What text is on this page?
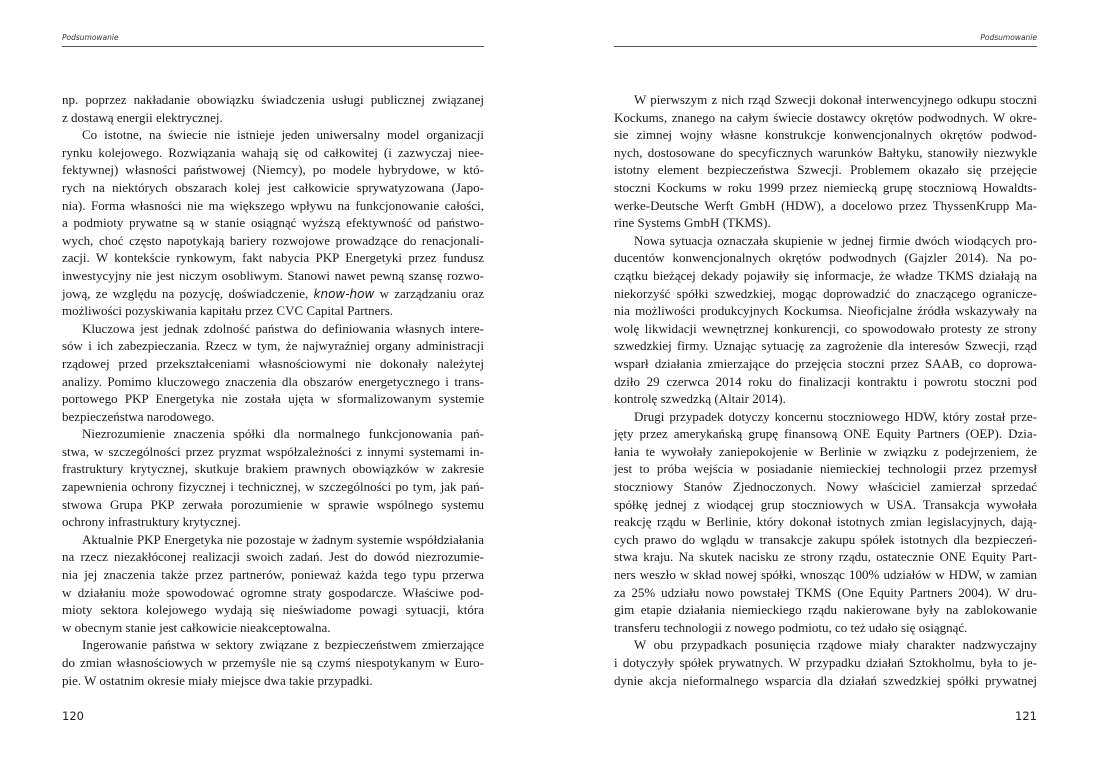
Podsumowanie
np. poprzez nakładanie obowiązku świadczenia usługi publicznej związanej
z dostawą energii elektrycznej.
Co istotne, na świecie nie istnieje jeden uniwersalny model organizacji
rynku kolejowego. Rozwiązania wahają się od całkowitej (i zazwyczaj niee-
fektywnej) własności państwowej (Niemcy), po modele hybrydowe, w któ-
rych na niektórych obszarach kolej jest całkowicie sprywatyzowana (Japo-
nia). Forma własności nie ma większego wpływu na funkcjonowanie całości,
a podmioty prywatne są w stanie osiągnąć wyższą efektywność od państwo-
wych, choć często napotykają bariery rozwojowe prowadzące do renacjonali-
zacji. W kontekście rynkowym, fakt nabycia PKP Energetyki przez fundusz
inwestycyjny nie jest niczym osobliwym. Stanowi nawet pewną szansę rozwo-
jową, ze względu na pozycję, doświadczenie, know-how w zarządzaniu oraz
możliwości pozyskiwania kapitału przez CVC Capital Partners.
Kluczowa jest jednak zdolność państwa do definiowania własnych intere-
sów i ich zabezpieczania. Rzecz w tym, że najwyraźniej organy administracji
rządowej przed przekształceniami własnościowymi nie dokonały należytej
analizy. Pomimo kluczowego znaczenia dla obszarów energetycznego i trans-
portowego PKP Energetyka nie została ujęta w sformalizowanym systemie
bezpieczeństwa narodowego.
Niezrozumienie znaczenia spółki dla normalnego funkcjonowania pań-
stwa, w szczególności przez pryzmat współzależności z innymi systemami in-
frastruktury krytycznej, skutkuje brakiem prawnych obowiązków w zakresie
zapewnienia ochrony fizycznej i technicznej, w szczególności po tym, jak pań-
stwowa Grupa PKP zerwała porozumienie w sprawie wspólnego systemu
ochrony infrastruktury krytycznej.
Aktualnie PKP Energetyka nie pozostaje w żadnym systemie współdziałania
na rzecz niezakłóconej realizacji swoich zadań. Jest do dowód niezrozumie-
nia jej znaczenia także przez partnerów, ponieważ każda tego typu przerwa
w działaniu może spowodować ogromne straty gospodarcze. Właściwe pod-
mioty sektora kolejowego wydają się nieświadome powagi sytuacji, która
w obecnym stanie jest całkowicie nieakceptowalna.
Ingerowanie państwa w sektory związane z bezpieczeństwem zmierzające
do zmian własnościowych w przemyśle nie są czymś niespotykanym w Euro-
pie. W ostatnim okresie miały miejsce dwa takie przypadki.
120
Podsumowanie
W pierwszym z nich rząd Szwecji dokonał interwencyjnego odkupu stoczni
Kockums, znanego na całym świecie dostawcy okrętów podwodnych. W okre-
sie zimnej wojny własne konstrukcje konwencjonalnych okrętów podwod-
nych, dostosowane do specyficznych warunków Bałtyku, stanowiły niezwykle
istotny element bezpieczeństwa Szwecji. Problemem okazało się przejęcie
stoczni Kockums w roku 1999 przez niemiecką grupę stoczniową Howaldts-
werke-Deutsche Werft GmbH (HDW), a docelowo przez ThyssenKrupp Ma-
rine Systems GmbH (TKMS).
Nowa sytuacja oznaczała skupienie w jednej firmie dwóch wiodących pro-
ducentów konwencjonalnych okrętów podwodnych (Gajzler 2014). Na po-
czątku bieżącej dekady pojawiły się informacje, że władze TKMS działają na
niekorzyść spółki szwedzkiej, mogąc doprowadzić do znaczącego ogranicze-
nia możliwości produkcyjnych Kockumsa. Nieoficjalne źródła wskazywały na
wolę likwidacji wewnętrznej konkurencji, co spowodowało protesty ze strony
szwedzkiej firmy. Uznając sytuację za zagrożenie dla interesów Szwecji, rząd
wsparł działania zmierzające do przejęcia stoczni przez SAAB, co doprowa-
dziło 29 czerwca 2014 roku do finalizacji kontraktu i powrotu stoczni pod
kontrolę szwedzką (Altair 2014).
Drugi przypadek dotyczy koncernu stoczniowego HDW, który został prze-
jęty przez amerykańską grupę finansową ONE Equity Partners (OEP). Dzia-
łania te wywołały zaniepokojenie w Berlinie w związku z podejrzeniem, że
jest to próba wejścia w posiadanie niemieckiej technologii przez przemysł
stoczniowy Stanów Zjednoczonych. Nowy właściciel zamierzał sprzedać
spółkę jednej z wiodącej grup stoczniowych w USA. Transakcja wywołała
reakcję rządu w Berlinie, który dokonał istotnych zmian legislacyjnych, dają-
cych prawo do wglądu w transakcje zakupu spółek istotnych dla bezpieczeń-
stwa kraju. Na skutek nacisku ze strony rządu, ostatecznie ONE Equity Part-
ners weszło w skład nowej spółki, wnosząc 100% udziałów w HDW, w zamian
za 25% udziału nowo powstałej TKMS (One Equity Partners 2004). W dru-
gim etapie działania niemieckiego rządu nakierowane były na zablokowanie
transferu technologii z nowego podmiotu, co też udało się osiągnąć.
W obu przypadkach posunięcia rządowe miały charakter nadzwyczajny
i dotyczyły spółek prywatnych. W przypadku działań Sztokholmu, była to je-
dynie akcja nieformalnego wsparcia dla działań szwedzkiej spółki prywatnej
121
